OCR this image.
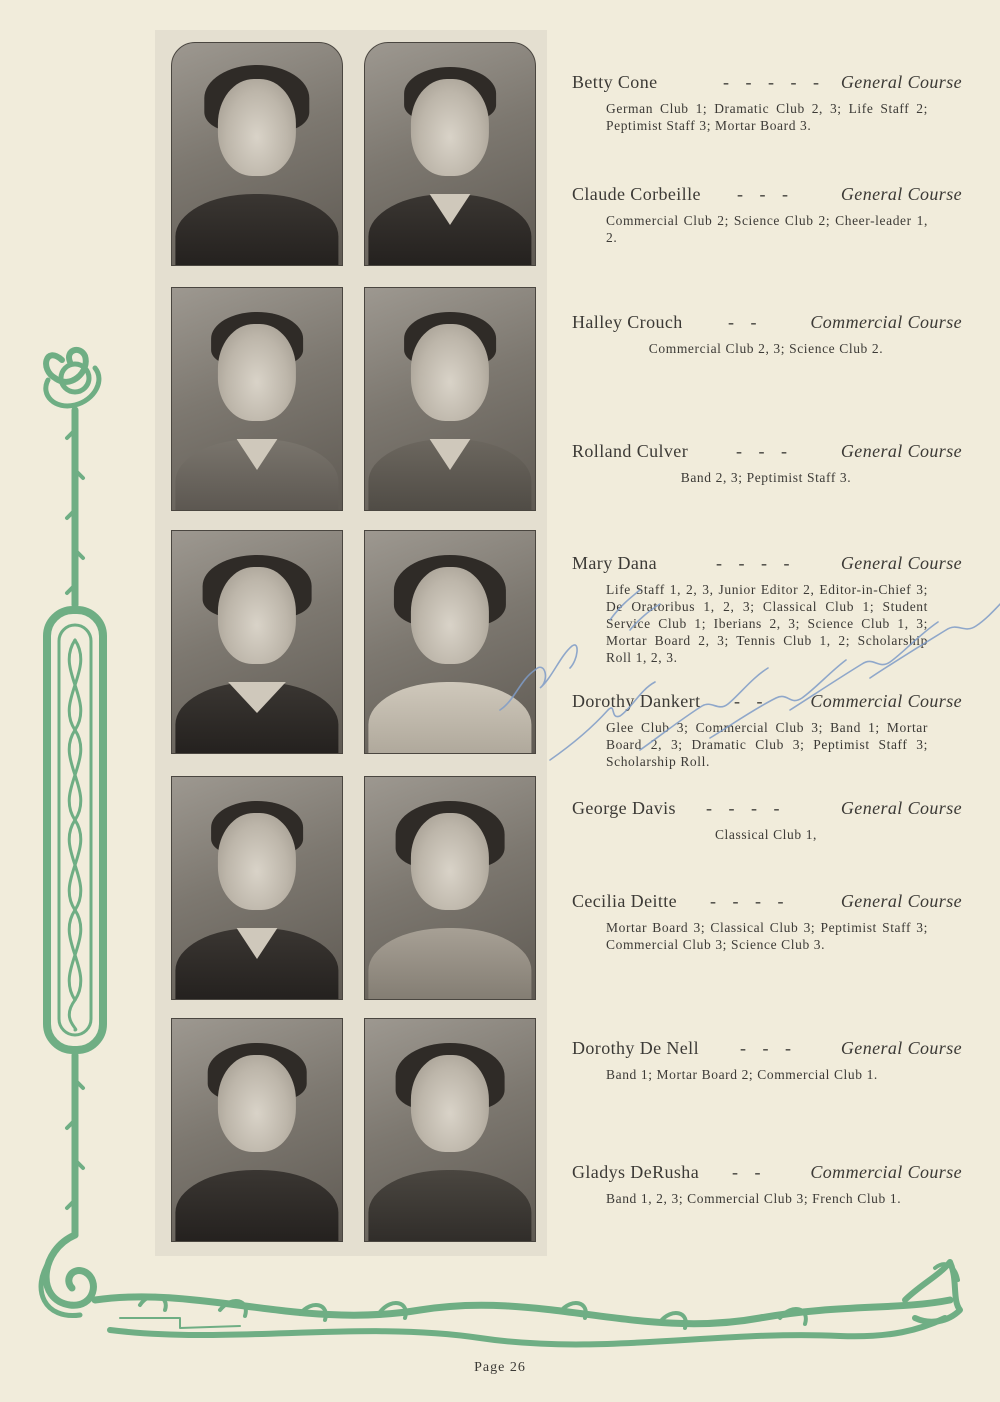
Betty Cone	- - - - - General Course
German Club 1; Dramatic Club 2, 3; Life Staff 2; Peptimist Staff 3; Mortar Board 3.
Claude Corbeille - - -	General Course
Commercial Club 2; Science Club 2; Cheer-leader 1, 2.
Halley Crouch	- -	Commercial Course
Commercial Club 2, 3; Science Club 2.
Rolland Culver	- - -	General Course
Band 2, 3; Peptimist Staff 3.
Mary Dana	- - - -	General Course
Life Staff 1, 2, 3, Junior Editor 2, Editor-in-Chief 3; De Oratoribus 1, 2, 3; Classical Club 1; Student Service Club 1; Iberians 2, 3; Science Club 1, 3; Mortar Board 2, 3; Tennis Club 1, 2; Scholarship Roll 1, 2, 3.
Dorothy Dankert - - Commercial Course
Glee Club 3; Commercial Club 3; Band 1; Mortar Board 2, 3; Dramatic Club 3; Peptimist Staff 3; Scholarship Roll.
George Davis - - - -	General Course
Classical Club 1,
Cecilia Deitte - - - -	General Course
Mortar Board 3; Classical Club 3; Peptimist Staff 3; Commercial Club 3; Science Club 3.
Dorothy De Nell - - - General Course
Band 1; Mortar Board 2; Commercial Club 1.
Gladys DeRusha - - Commercial Course
Band 1, 2, 3; Commercial Club 3; French Club 1.
Page 26
